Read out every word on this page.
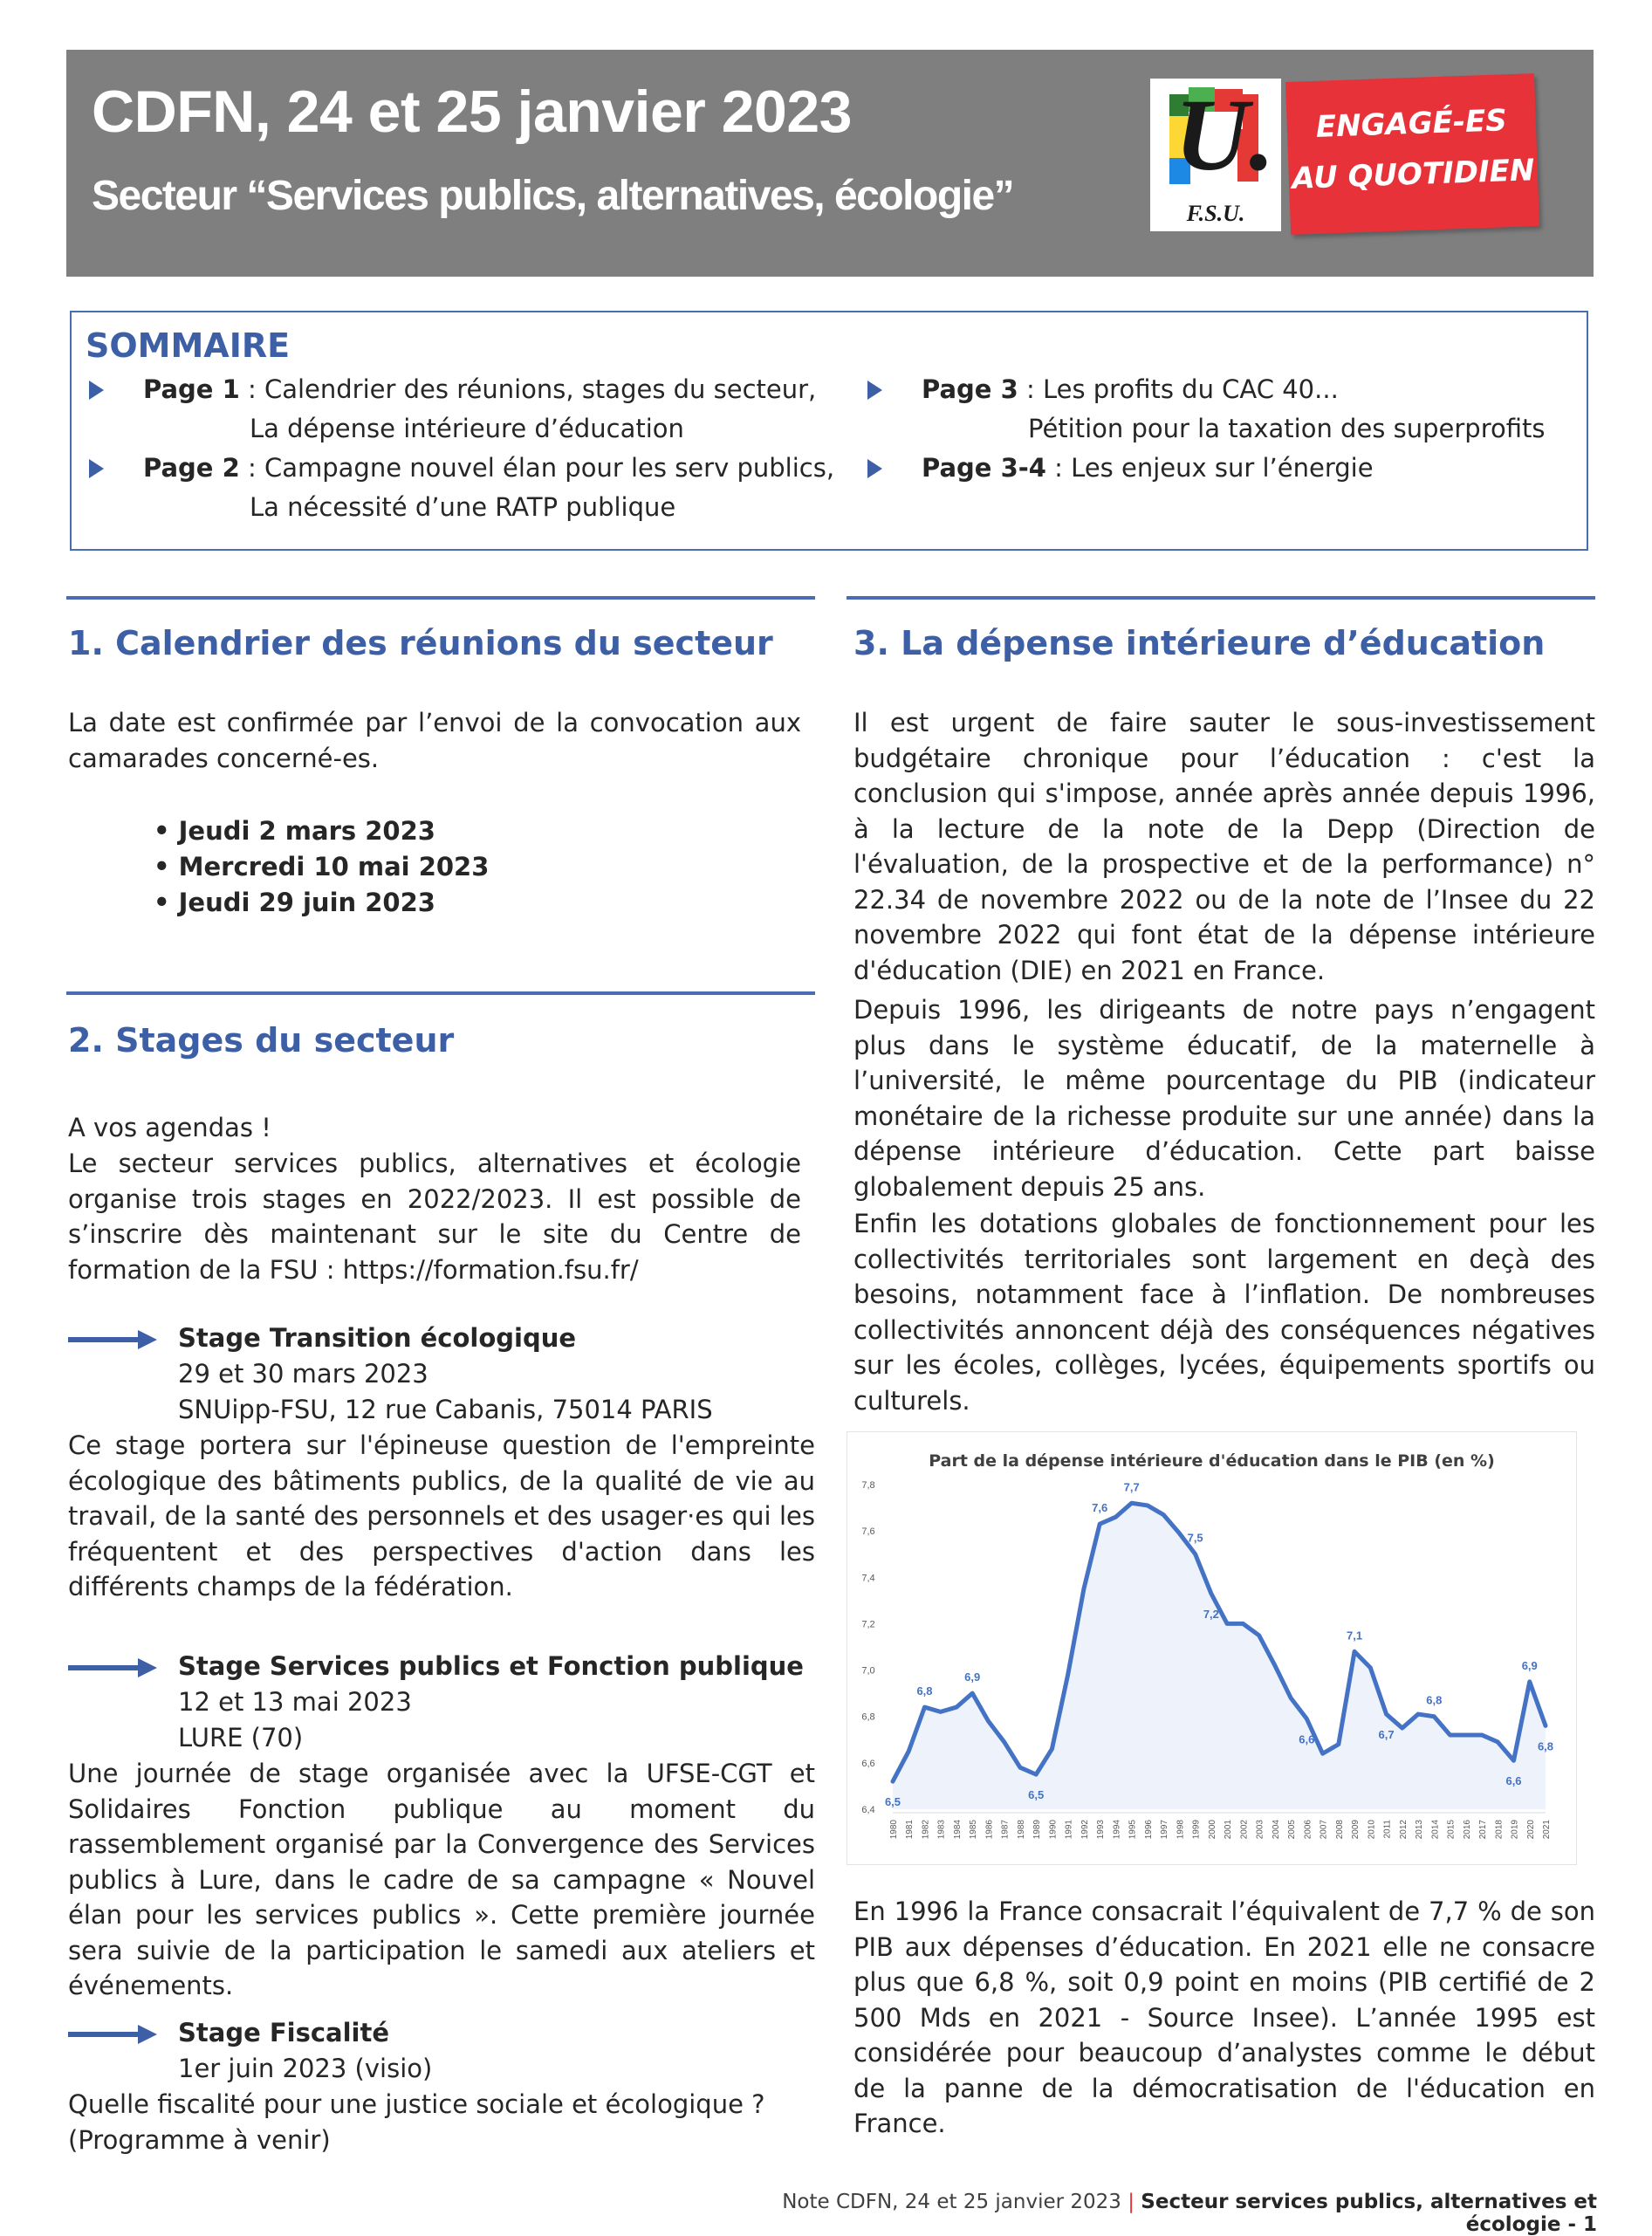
CDFN, 24 et 25 janvier 2023
Secteur “Services publics, alternatives, écologie”
U.
F.S.U.
ENGAGÉ-ES
AU QUOTIDIEN
SOMMAIRE
Page 1 : Calendrier des réunions, stages du secteur,
La dépense intérieure d’éducation
Page 2 : Campagne nouvel élan pour les serv publics,
La nécessité d’une RATP publique
Page 3 : Les profits du CAC 40...
Pétition pour la taxation des superprofits
Page 3-4 : Les enjeux sur l’énergie
1. Calendrier des réunions du secteur

La date est confirmée par l’envoi de la convocation aux camarades concerné-es.

• Jeudi 2 mars 2023
• Mercredi 10 mai 2023
• Jeudi 29 juin 2023
2. Stages du secteur

A vos agendas !

Le secteur services publics, alternatives et écologie organise trois stages en 2022/2023. Il est possible de s’inscrire dès maintenant sur le site du Centre de formation de la FSU : https://formation.fsu.fr/

Stage Transition écologique
29 et 30 mars 2023
SNUipp-FSU, 12 rue Cabanis, 75014 PARIS

Ce stage portera sur l'épineuse question de l'empreinte écologique des bâtiments publics, de la qualité de vie au travail, de la santé des personnels et des usager·es qui les fréquentent et des perspectives d'action dans les différents champs de la fédération.

Stage Services publics et Fonction publique
12 et 13 mai 2023
LURE (70)

Une journée de stage organisée avec la UFSE-CGT et Solidaires Fonction publique au moment du rassemblement organisé par la Convergence des Services publics à Lure, dans le cadre de sa campagne « Nouvel élan pour les services publics ». Cette première journée sera suivie de la participation le samedi aux ateliers et événements.

Stage Fiscalité
1er juin 2023 (visio)

Quelle fiscalité pour une justice sociale et écologique ? (Programme à venir)

3. La dépense intérieure d’éducation

Il est urgent de faire sauter le sous-investissement budgétaire chronique pour l’éducation : c'est la conclusion qui s'impose, année après année depuis 1996, à la lecture de la note de la Depp (Direction de l'évaluation, de la prospective et de la performance) n° 22.34 de novembre 2022 ou de la note de l’Insee du 22 novembre 2022 qui font état de la dépense intérieure d'éducation (DIE) en 2021 en France.

Depuis 1996, les dirigeants de notre pays n’engagent plus dans le système éducatif, de la maternelle à l’université, le même pourcentage du PIB (indicateur monétaire de la richesse produite sur une année) dans la dépense intérieure d’éducation. Cette part baisse globalement depuis 25 ans.

Enfin les dotations globales de fonctionnement pour les collectivités territoriales sont largement en deçà des besoins, notamment face à l’inflation. De nombreuses collectivités annoncent déjà des conséquences négatives sur les écoles, collèges, lycées, équipements sportifs ou culturels.

Part de la dépense intérieure d'éducation dans le PIB (en %)
6,4
6,6
6,8
7,0
7,2
7,4
7,6
7,8
1980 1981 1982 1983 1984 1985 1986 1987 1988 1989 1990 1991 1992 1993 1994 1995 1996 1997 1998 1999 2000 2001 2002 2003 2004 2005 2006 2007 2008 2009 2010 2011 2012 2013 2014 2015 2016 2017 2018 2019 2020 2021
6,5
6,8
6,9
6,5
7,6
7,7
7,5
7,2
6,6
7,1
6,7
6,8
6,6
6,9
6,8

En 1996 la France consacrait l’équivalent de 7,7 % de son PIB aux dépenses d’éducation. En 2021 elle ne consacre plus que 6,8 %, soit 0,9 point en moins (PIB certifié de 2 500 Mds en 2021 - Source Insee). L’année 1995 est considérée pour beaucoup d’analystes comme le début de la panne de la démocratisation de l'éducation en France.

Note CDFN, 24 et 25 janvier 2023 | Secteur services publics, alternatives et écologie - 1
